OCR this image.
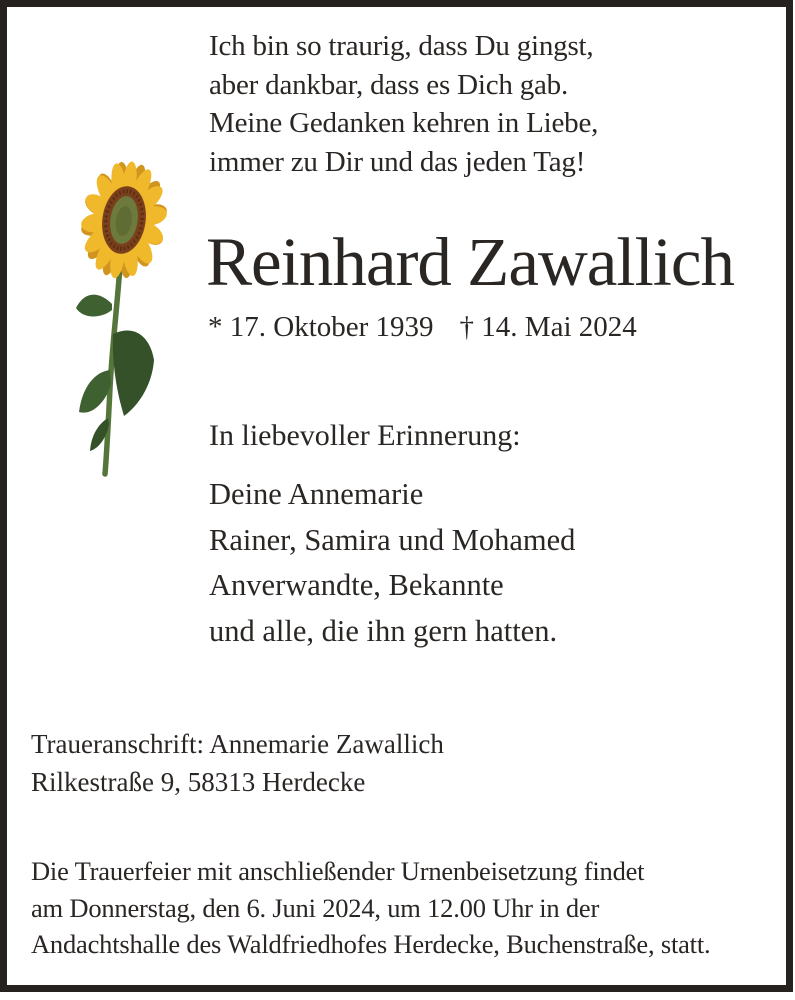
Ich bin so traurig, dass Du gingst,
aber dankbar, dass es Dich gab.
Meine Gedanken kehren in Liebe,
immer zu Dir und das jeden Tag!
Reinhard Zawallich
* 17. Oktober 1939 † 14. Mai 2024
In liebevoller Erinnerung:
Deine Annemarie
Rainer, Samira und Mohamed
Anverwandte, Bekannte
und alle, die ihn gern hatten.
Traueranschrift: Annemarie Zawallich
Rilkestraße 9, 58313 Herdecke
Die Trauerfeier mit anschließender Urnenbeisetzung findet
am Donnerstag, den 6. Juni 2024, um 12.00 Uhr in der
Andachtshalle des Waldfriedhofes Herdecke, Buchenstraße, statt.
